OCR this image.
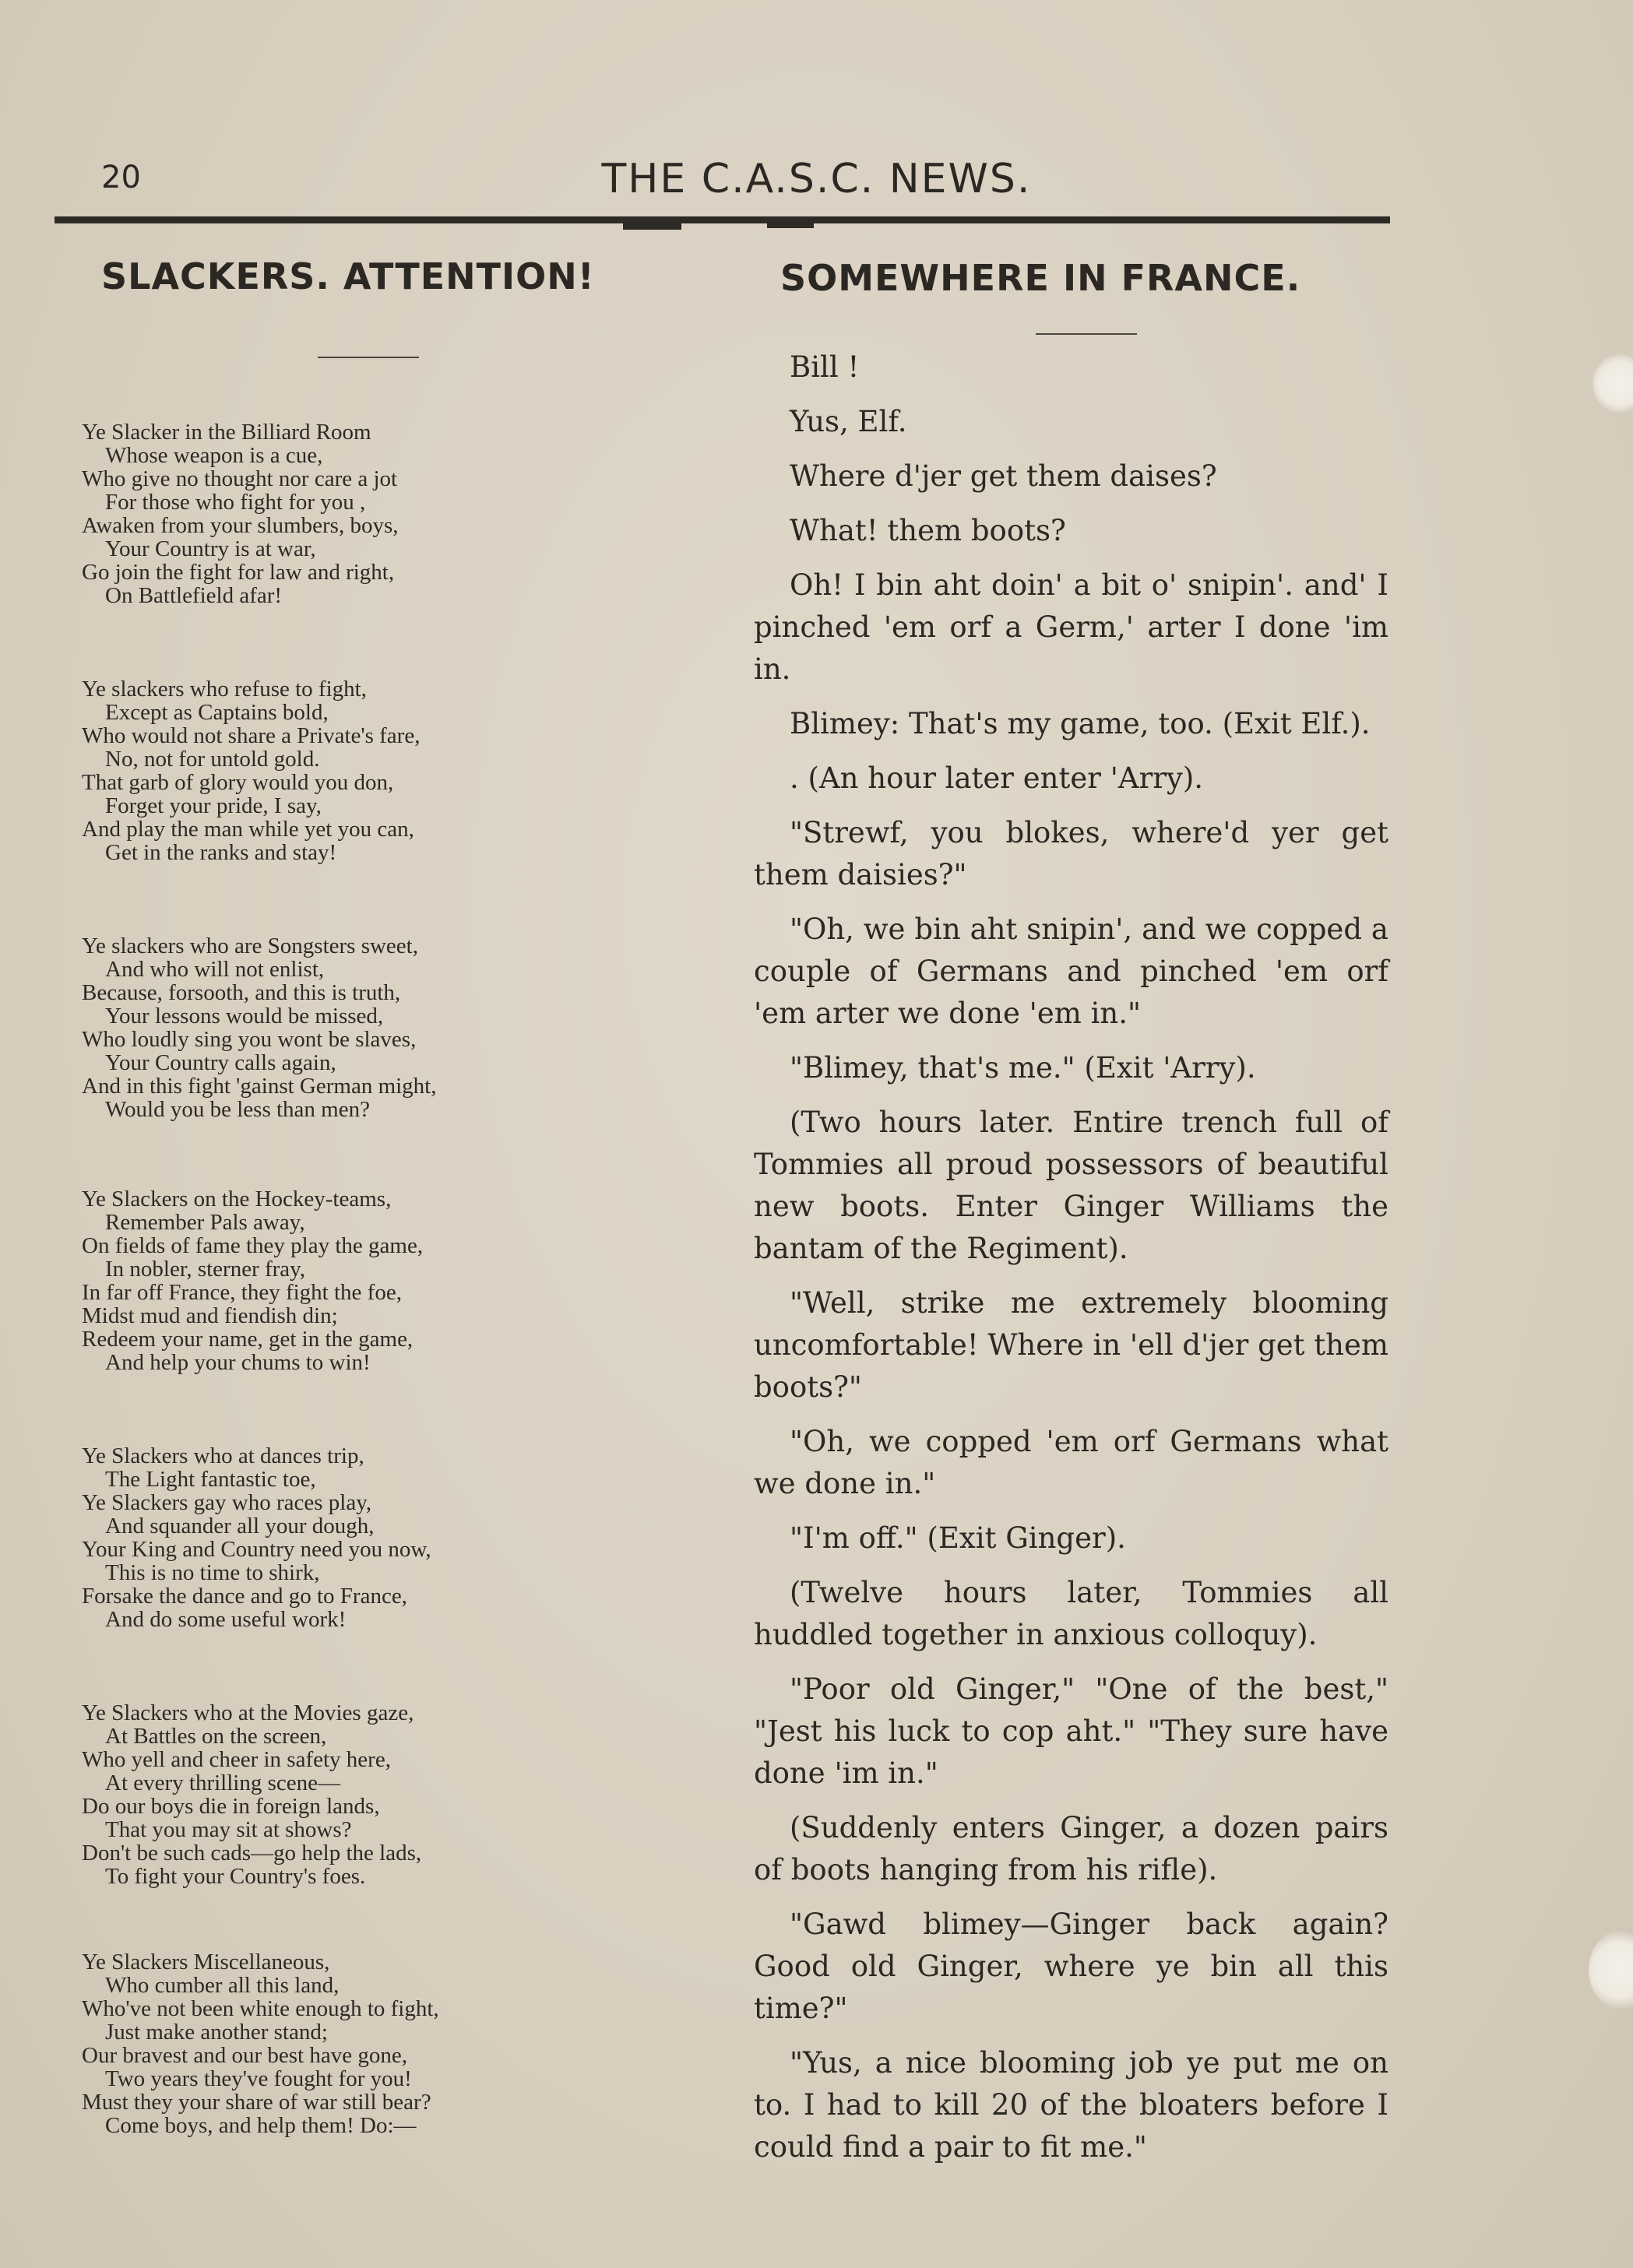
20	THE C.A.S.C. NEWS.
SLACKERS. ATTENTION!	SOMEWHERE IN FRANCE.
Ye Slacker in the Billiard Room
Whose weapon is a cue,
Who give no thought nor care a jot
For those who fight for you ,
Awaken from your slumbers, boys,
Your Country is at war,
Go join the fight for law and right,
On Battlefield afar!
Ye slackers who refuse to fight,
Except as Captains bold,
Who would not share a Private's fare,
No, not for untold gold.
That garb of glory would you don,
Forget your pride, I say,
And play the man while yet you can,
Get in the ranks and stay!
Ye slackers who are Songsters sweet,
And who will not enlist,
Because, forsooth, and this is truth,
Your lessons would be missed,
Who loudly sing you wont be slaves,
Your Country calls again,
And in this fight 'gainst German might,
Would you be less than men?
Ye Slackers on the Hockey-teams,
Remember Pals away,
On fields of fame they play the game,
In nobler, sterner fray,
In far off France, they fight the foe,
Midst mud and fiendish din;
Redeem your name, get in the game,
And help your chums to win!
Ye Slackers who at dances trip,
The Light fantastic toe,
Ye Slackers gay who races play,
And squander all your dough,
Your King and Country need you now,
This is no time to shirk,
Forsake the dance and go to France,
And do some useful work!
Ye Slackers who at the Movies gaze,
At Battles on the screen,
Who yell and cheer in safety here,
At every thrilling scene—
Do our boys die in foreign lands,
That you may sit at shows?
Don't be such cads—go help the lads,
To fight your Country's foes.
Ye Slackers Miscellaneous,
Who cumber all this land,
Who've not been white enough to fight,
Just make another stand;
Our bravest and our best have gone,
Two years they've fought for you!
Must they your share of war still bear?
Come boys, and help them! Do:—

Bill !

Yus, Elf.

Where d'jer get them daises?

What! them boots?

Oh! I bin aht doin' a bit o' snipin'. and' I pinched 'em orf a Germ,' arter I done 'im in.

Blimey: That's my game, too. (Exit Elf.).

. (An hour later enter 'Arry).

"Strewf, you blokes, where'd yer get them daisies?"

"Oh, we bin aht snipin', and we copped a couple of Germans and pinched 'em orf 'em arter we done 'em in."

"Blimey, that's me." (Exit 'Arry).

(Two hours later. Entire trench full of Tommies all proud possessors of beautiful new boots. Enter Ginger Williams the bantam of the Regiment).

"Well, strike me extremely blooming uncomfortable! Where in 'ell d'jer get them boots?"

"Oh, we copped 'em orf Germans what we done in."

"I'm off." (Exit Ginger).

(Twelve hours later, Tommies all huddled together in anxious colloquy).

"Poor old Ginger," "One of the best," "Jest his luck to cop aht." "They sure have done 'im in."

(Suddenly enters Ginger, a dozen pairs of boots hanging from his rifle).

"Gawd blimey—Ginger back again? Good old Ginger, where ye bin all this time?"

"Yus, a nice blooming job ye put me on to. I had to kill 20 of the bloaters before I could find a pair to fit me."
